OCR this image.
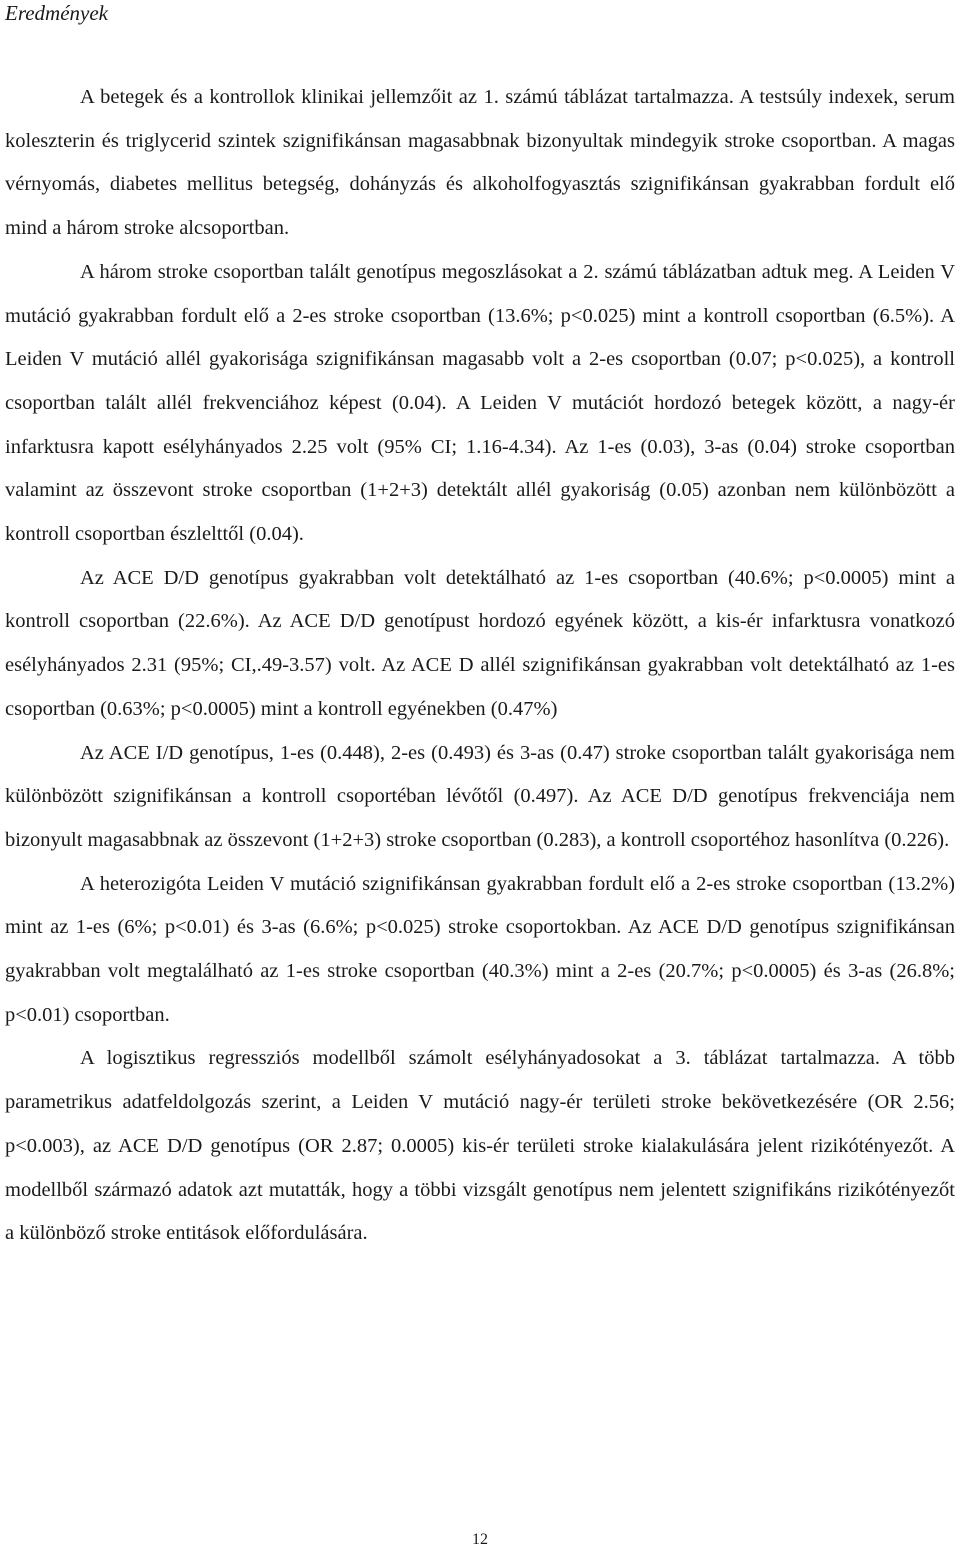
Eredmények

A betegek és a kontrollok klinikai jellemzőit az 1. számú táblázat tartalmazza. A testsúly indexek, serum koleszterin és triglycerid szintek szignifikánsan magasabbnak bizonyultak mindegyik stroke csoportban. A magas vérnyomás, diabetes mellitus betegség, dohányzás és alkoholfogyasztás szignifikánsan gyakrabban fordult elő mind a három stroke alcsoportban.

A három stroke csoportban talált genotípus megoszlásokat a 2. számú táblázatban adtuk meg. A Leiden V mutáció gyakrabban fordult elő a 2-es stroke csoportban (13.6%; p<0.025) mint a kontroll csoportban (6.5%). A Leiden V mutáció allél gyakorisága szignifikánsan magasabb volt a 2-es csoportban (0.07; p<0.025), a kontroll csoportban talált allél frekvenciához képest (0.04). A Leiden V mutációt hordozó betegek között, a nagy-ér infarktusra kapott esélyhányados 2.25 volt (95% CI; 1.16-4.34). Az 1-es (0.03), 3-as (0.04) stroke csoportban valamint az összevont stroke csoportban (1+2+3) detektált allél gyakoriság (0.05) azonban nem különbözött a kontroll csoportban észlelttől (0.04).

Az ACE D/D genotípus gyakrabban volt detektálható az 1-es csoportban (40.6%; p<0.0005) mint a kontroll csoportban (22.6%). Az ACE D/D genotípust hordozó egyének között, a kis-ér infarktusra vonatkozó esélyhányados 2.31 (95%; CI,.49-3.57) volt. Az ACE D allél szignifikánsan gyakrabban volt detektálható az 1-es csoportban (0.63%; p<0.0005) mint a kontroll egyénekben (0.47%)

Az ACE I/D genotípus, 1-es (0.448), 2-es (0.493) és 3-as (0.47) stroke csoportban talált gyakorisága nem különbözött szignifikánsan a kontroll csoportéban lévőtől (0.497). Az ACE D/D genotípus frekvenciája nem bizonyult magasabbnak az összevont (1+2+3) stroke csoportban (0.283), a kontroll csoportéhoz hasonlítva (0.226).

A heterozigóta Leiden V mutáció szignifikánsan gyakrabban fordult elő a 2-es stroke csoportban (13.2%) mint az 1-es (6%; p<0.01) és 3-as (6.6%; p<0.025) stroke csoportokban. Az ACE D/D genotípus szignifikánsan gyakrabban volt megtalálható az 1-es stroke csoportban (40.3%) mint a 2-es (20.7%; p<0.0005) és 3-as (26.8%; p<0.01) csoportban.

A logisztikus regressziós modellből számolt esélyhányadosokat a 3. táblázat tartalmazza. A több parametrikus adatfeldolgozás szerint, a Leiden V mutáció nagy-ér területi stroke bekövetkezésére (OR 2.56; p<0.003), az ACE D/D genotípus (OR 2.87; 0.0005) kis-ér területi stroke kialakulására jelent rizikótényezőt. A modellből származó adatok azt mutatták, hogy a többi vizsgált genotípus nem jelentett szignifikáns rizikótényezőt a különböző stroke entitások előfordulására.

12
